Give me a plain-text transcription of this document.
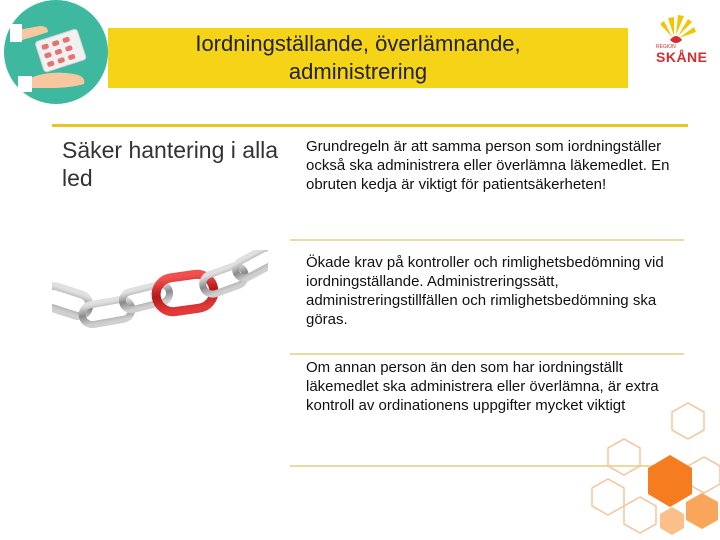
Iordningställande, överlämnande,
administrering
REGION
SKÅNE
Säker hantering i alla led
Grundregeln är att samma person som iordningställer också ska administrera eller överlämna läkemedlet. En obruten kedja är viktigt för patientsäkerheten!
Ökade krav på kontroller och rimlighetsbedömning vid iordningställande. Administreringssätt, administreringstillfällen och rimlighetsbedömning ska göras.
Om annan person än den som har iordningställt läkemedlet ska administrera eller överlämna, är extra kontroll av ordinationens uppgifter mycket viktigt
